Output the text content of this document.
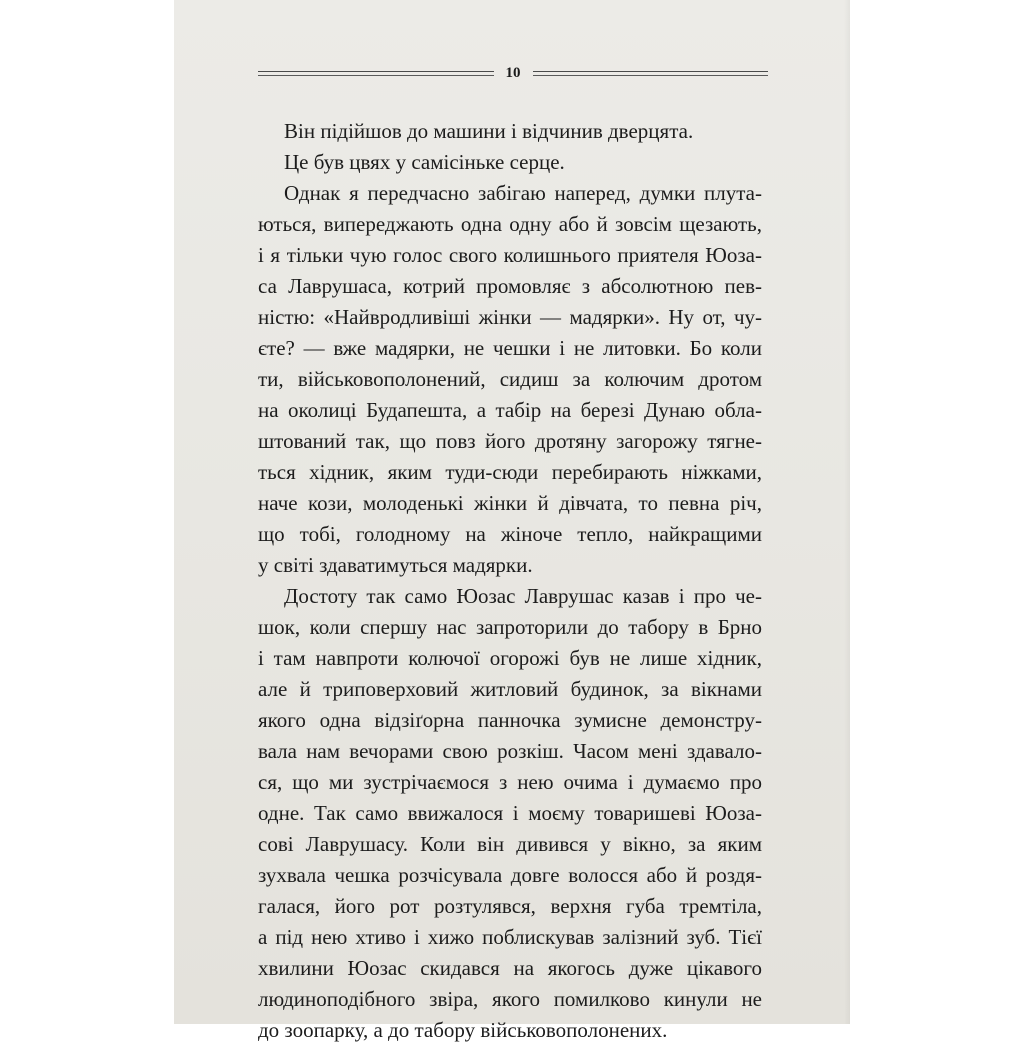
10
Він підійшов до машини і відчинив дверцята.
Це був цвях у самісіньке серце.
Однак я передчасно забігаю наперед, думки плута-
ються, випереджають одна одну або й зовсім щезають,
і я тільки чую голос свого колишнього приятеля Юоза-
са Лаврушаса, котрий промовляє з абсолютною пев-
ністю: «Найвродливіші жінки — мадярки». Ну от, чу-
єте? — вже мадярки, не чешки і не литовки. Бо коли
ти, військовополонений, сидиш за колючим дротом
на околиці Будапешта, а табір на березі Дунаю обла-
штований так, що повз його дротяну загорожу тягне-
ться хідник, яким туди-сюди перебирають ніжками,
наче кози, молоденькі жінки й дівчата, то певна річ,
що тобі, голодному на жіноче тепло, найкращими
у світі здаватимуться мадярки.
Достоту так само Юозас Лаврушас казав і про че-
шок, коли спершу нас запроторили до табору в Брно
і там навпроти колючої огорожі був не лише хідник,
але й триповерховий житловий будинок, за вікнами
якого одна відзіґорна панночка зумисне демонстру-
вала нам вечорами свою розкіш. Часом мені здавало-
ся, що ми зустрічаємося з нею очима і думаємо про
одне. Так само ввижалося і моєму товаришеві Юоза-
сові Лаврушасу. Коли він дивився у вікно, за яким
зухвала чешка розчісувала довге волосся або й роздя-
галася, його рот розтулявся, верхня губа тремтіла,
а під нею хтиво і хижо поблискував залізний зуб. Тієї
хвилини Юозас скидався на якогось дуже цікавого
людиноподібного звіра, якого помилково кинули не
до зоопарку, а до табору військовополонених.
